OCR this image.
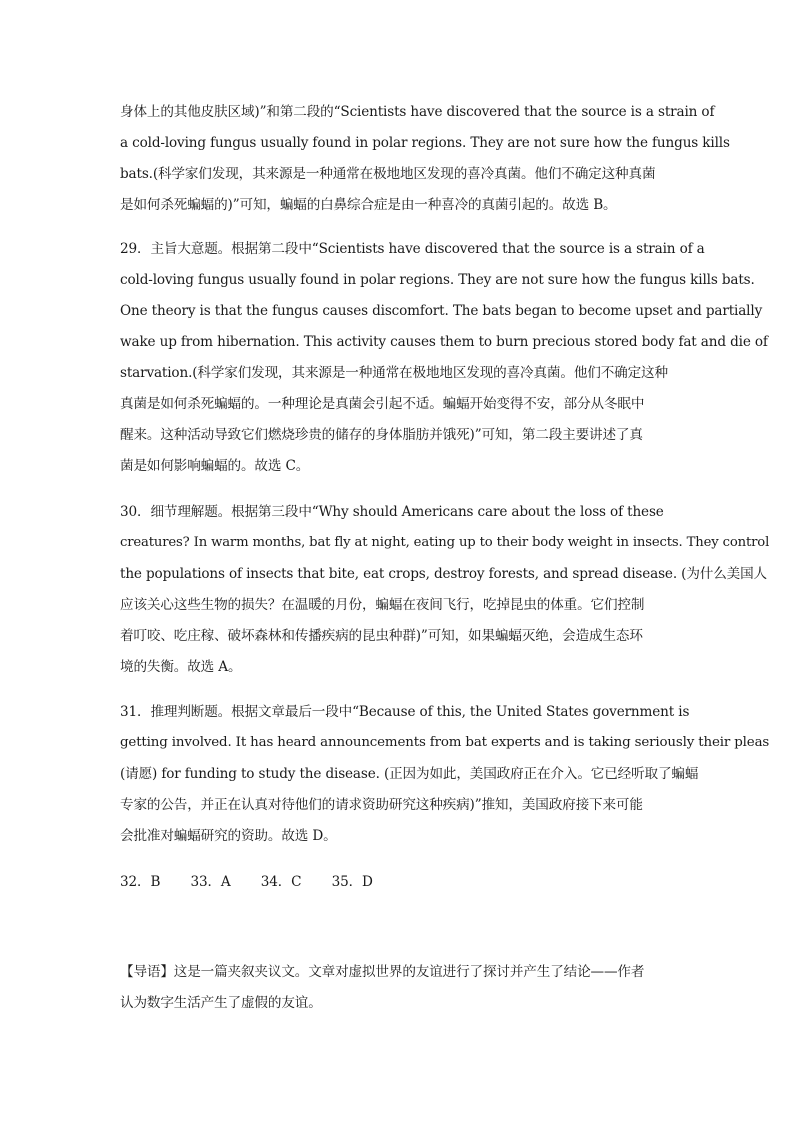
身体上的其他皮肤区域)”和第二段的“Scientists have discovered that the source is a strain of
a cold-loving fungus usually found in polar regions. They are not sure how the fungus kills
bats.(科学家们发现，其来源是一种通常在极地地区发现的喜冷真菌。他们不确定这种真菌
是如何杀死蝙蝠的)”可知，蝙蝠的白鼻综合症是由一种喜冷的真菌引起的。故选 B。
29．主旨大意题。根据第二段中“Scientists have discovered that the source is a strain of a
cold-loving fungus usually found in polar regions. They are not sure how the fungus kills bats.
One theory is that the fungus causes discomfort. The bats began to become upset and partially
wake up from hibernation. This activity causes them to burn precious stored body fat and die of
starvation.(科学家们发现，其来源是一种通常在极地地区发现的喜冷真菌。他们不确定这种
真菌是如何杀死蝙蝠的。一种理论是真菌会引起不适。蝙蝠开始变得不安，部分从冬眠中
醒来。这种活动导致它们燃烧珍贵的储存的身体脂肪并饿死)”可知，第二段主要讲述了真
菌是如何影响蝙蝠的。故选 C。
30．细节理解题。根据第三段中“Why should Americans care about the loss of these
creatures? In warm months, bat fly at night, eating up to their body weight in insects. They control
the populations of insects that bite, eat crops, destroy forests, and spread disease. (为什么美国人
应该关心这些生物的损失？在温暖的月份，蝙蝠在夜间飞行，吃掉昆虫的体重。它们控制
着叮咬、吃庄稼、破坏森林和传播疾病的昆虫种群)”可知，如果蝙蝠灭绝，会造成生态环
境的失衡。故选 A。
31．推理判断题。根据文章最后一段中“Because of this, the United States government is
getting involved. It has heard announcements from bat experts and is taking seriously their pleas
(请愿) for funding to study the disease. (正因为如此，美国政府正在介入。它已经听取了蝙蝠
专家的公告，并正在认真对待他们的请求资助研究这种疾病)”推知，美国政府接下来可能
会批准对蝙蝠研究的资助。故选 D。
32．B 33．A 34．C 35．D
【导语】这是一篇夹叙夹议文。文章对虚拟世界的友谊进行了探讨并产生了结论——作者
认为数字生活产生了虚假的友谊。
